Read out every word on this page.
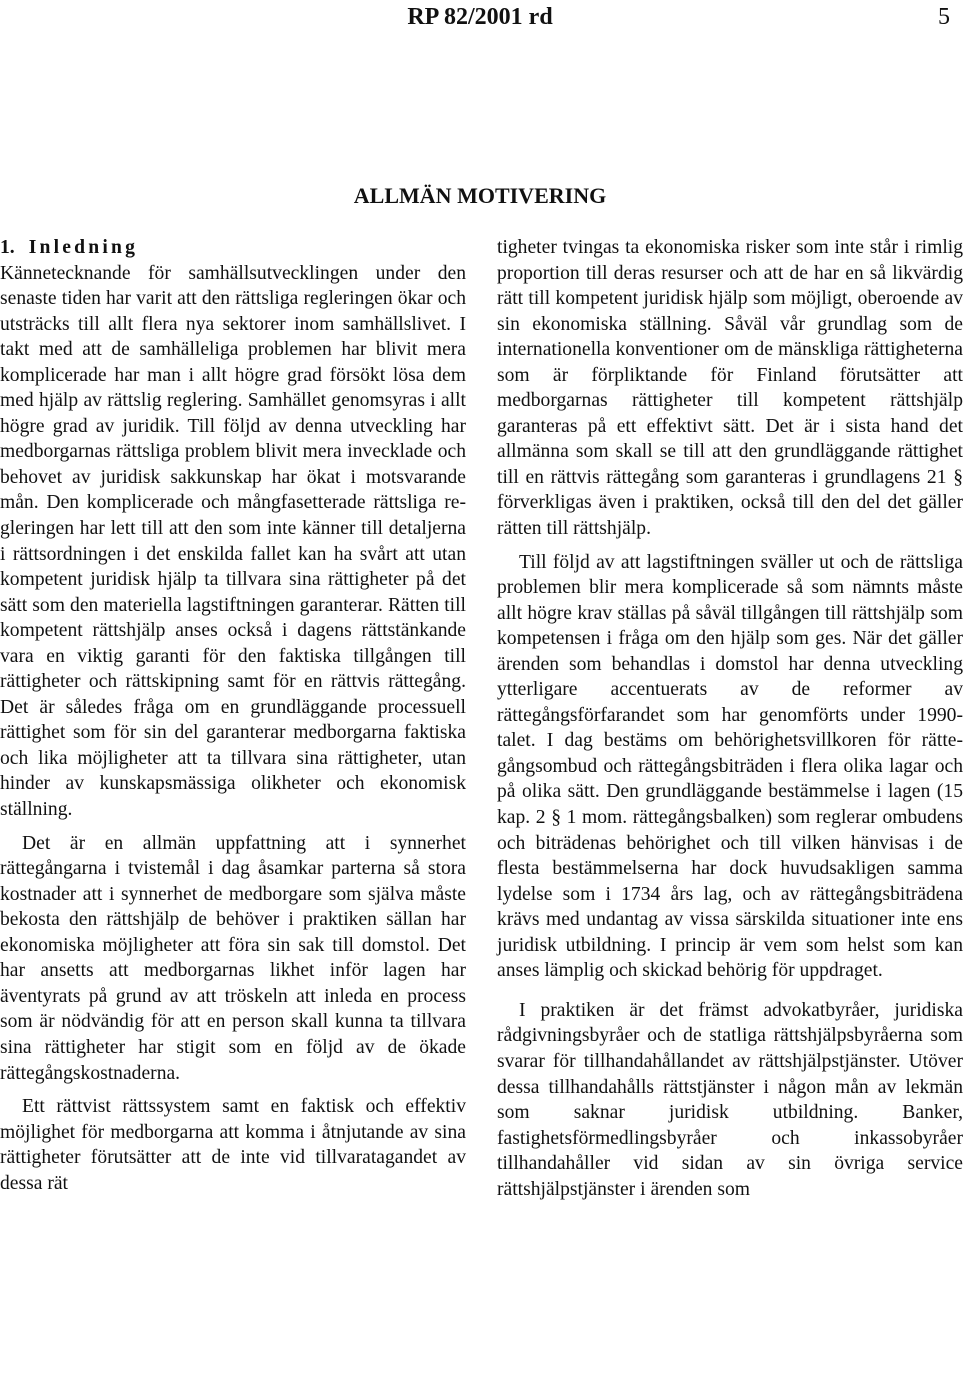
RP 82/2001 rd	5
ALLMÄN MOTIVERING

1. Inledning

Kännetecknande för samhällsutvecklingen under den senaste tiden har varit att den rättsliga regleringen ökar och utsträcks till allt flera nya sektorer inom samhällslivet. I takt med att de samhälleliga problemen har blivit mera komplicerade har man i allt högre grad försökt lösa dem med hjälp av rättslig reglering. Samhället genomsyras i allt högre grad av juridik. Till följd av denna utveckling har medborgarnas rättsliga problem blivit mera invecklade och behovet av juridisk sakkunskap har ökat i motsvarande mån. Den komplicerade och mångfasetterade rättsliga regleringen har lett till att den som inte känner till detaljerna i rättsordningen i det enskilda fallet kan ha svårt att utan kompetent juridisk hjälp ta tillvara sina rättigheter på det sätt som den materiella lagstiftningen garanterar. Rätten till kompetent rättshjälp anses också i dagens rättstänkande vara en viktig garanti för den faktiska tillgången till rättigheter och rättskipning samt för en rättvis rättegång. Det är således fråga om en grundläggande processuell rättighet som för sin del garanterar medborgarna faktiska och lika möjligheter att ta tillvara sina rättigheter, utan hinder av kunskapsmässiga olikheter och ekonomisk ställning.

Det är en allmän uppfattning att i synnerhet rättegångarna i tvistemål i dag åsamkar parterna så stora kostnader att i synnerhet de medborgare som själva måste bekosta den rättshjälp de behöver i praktiken sällan har ekonomiska möjligheter att föra sin sak till domstol. Det har ansetts att medborgarnas likhet inför lagen har äventyrats på grund av att tröskeln att inleda en process som är nödvändig för att en person skall kunna ta tillvara sina rättigheter har stigit som en följd av de ökade rättegångskostnaderna.

Ett rättvist rättssystem samt en faktisk och effektiv möjlighet för medborgarna att komma i åtnjutande av sina rättigheter förutsätter att de inte vid tillvaratagandet av dessa rät

tigheter tvingas ta ekonomiska risker som inte står i rimlig proportion till deras resurser och att de har en så likvärdig rätt till kompetent juridisk hjälp som möjligt, oberoende av sin ekonomiska ställning. Såväl vår grundlag som de internationella konventioner om de mänskliga rättigheterna som är förpliktande för Finland förutsätter att medborgarnas rättigheter till kompetent rättshjälp garanteras på ett effektivt sätt. Det är i sista hand det allmänna som skall se till att den grundläggande rättighet till en rättvis rättegång som garanteras i grundlagens 21 § förverkligas även i praktiken, också till den del det gäller rätten till rättshjälp.

Till följd av att lagstiftningen sväller ut och de rättsliga problemen blir mera komplicerade så som nämnts måste allt högre krav ställas på såväl tillgången till rättshjälp som kompetensen i fråga om den hjälp som ges. När det gäller ärenden som behandlas i domstol har denna utveckling ytterligare accentuerats av de reformer av rättegångsförfarandet som har genomförts under 1990-talet. I dag bestäms om behörighetsvillkoren för rättegångsombud och rättegångsbiträden i flera olika lagar och på olika sätt. Den grundläggande bestämmelse i lagen (15 kap. 2 § 1 mom. rättegångsbalken) som reglerar ombudens och biträdenas behörighet och till vilken hänvisas i de flesta bestämmelserna har dock huvudsakligen samma lydelse som i 1734 års lag, och av rättegångsbiträdena krävs med undantag av vissa särskilda situationer inte ens juridisk utbildning. I princip är vem som helst som kan anses lämplig och skickad behörig för uppdraget.

I praktiken är det främst advokatbyråer, juridiska rådgivningsbyråer och de statliga rättshjälpsbyråerna som svarar för tillhandahållandet av rättshjälpstjänster. Utöver dessa tillhandahålls rättstjänster i någon mån av lekmän som saknar juridisk utbildning. Banker, fastighetsförmedlingsbyråer och inkassobyråer tillhandahåller vid sidan av sin övriga service rättshjälpstjänster i ärenden som
